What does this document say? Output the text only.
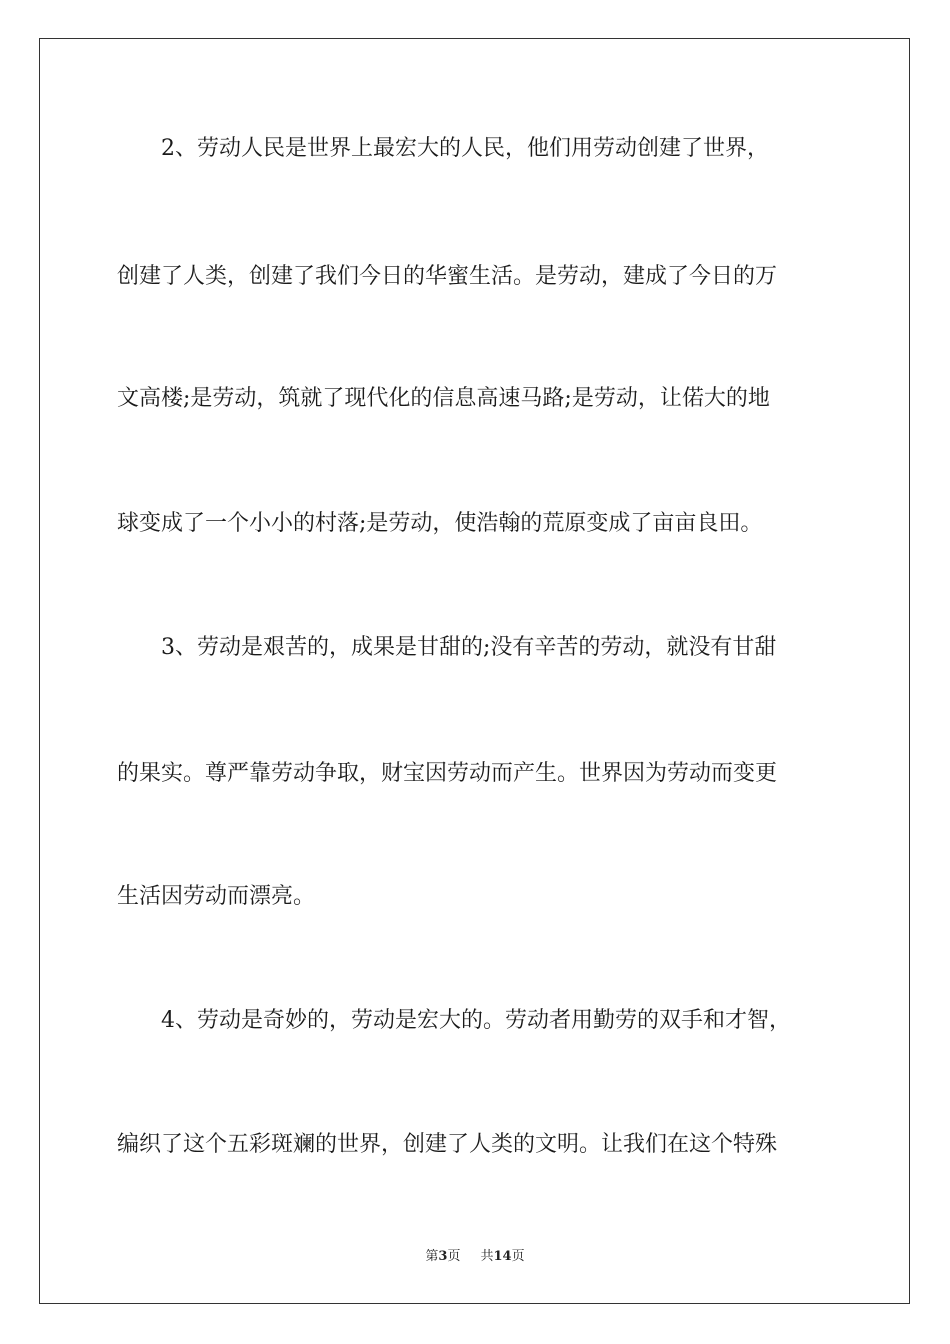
2、劳动人民是世界上最宏大的人民，他们用劳动创建了世界，
创建了人类，创建了我们今日的华蜜生活。是劳动，建成了今日的万
文高楼;是劳动，筑就了现代化的信息高速马路;是劳动，让偌大的地
球变成了一个小小的村落;是劳动，使浩翰的荒原变成了亩亩良田。
3、劳动是艰苦的，成果是甘甜的;没有辛苦的劳动，就没有甘甜
的果实。尊严靠劳动争取，财宝因劳动而产生。世界因为劳动而变更
生活因劳动而漂亮。
4、劳动是奇妙的，劳动是宏大的。劳动者用勤劳的双手和才智，
编织了这个五彩斑斓的世界，创建了人类的文明。让我们在这个特殊
第3页 共14页
